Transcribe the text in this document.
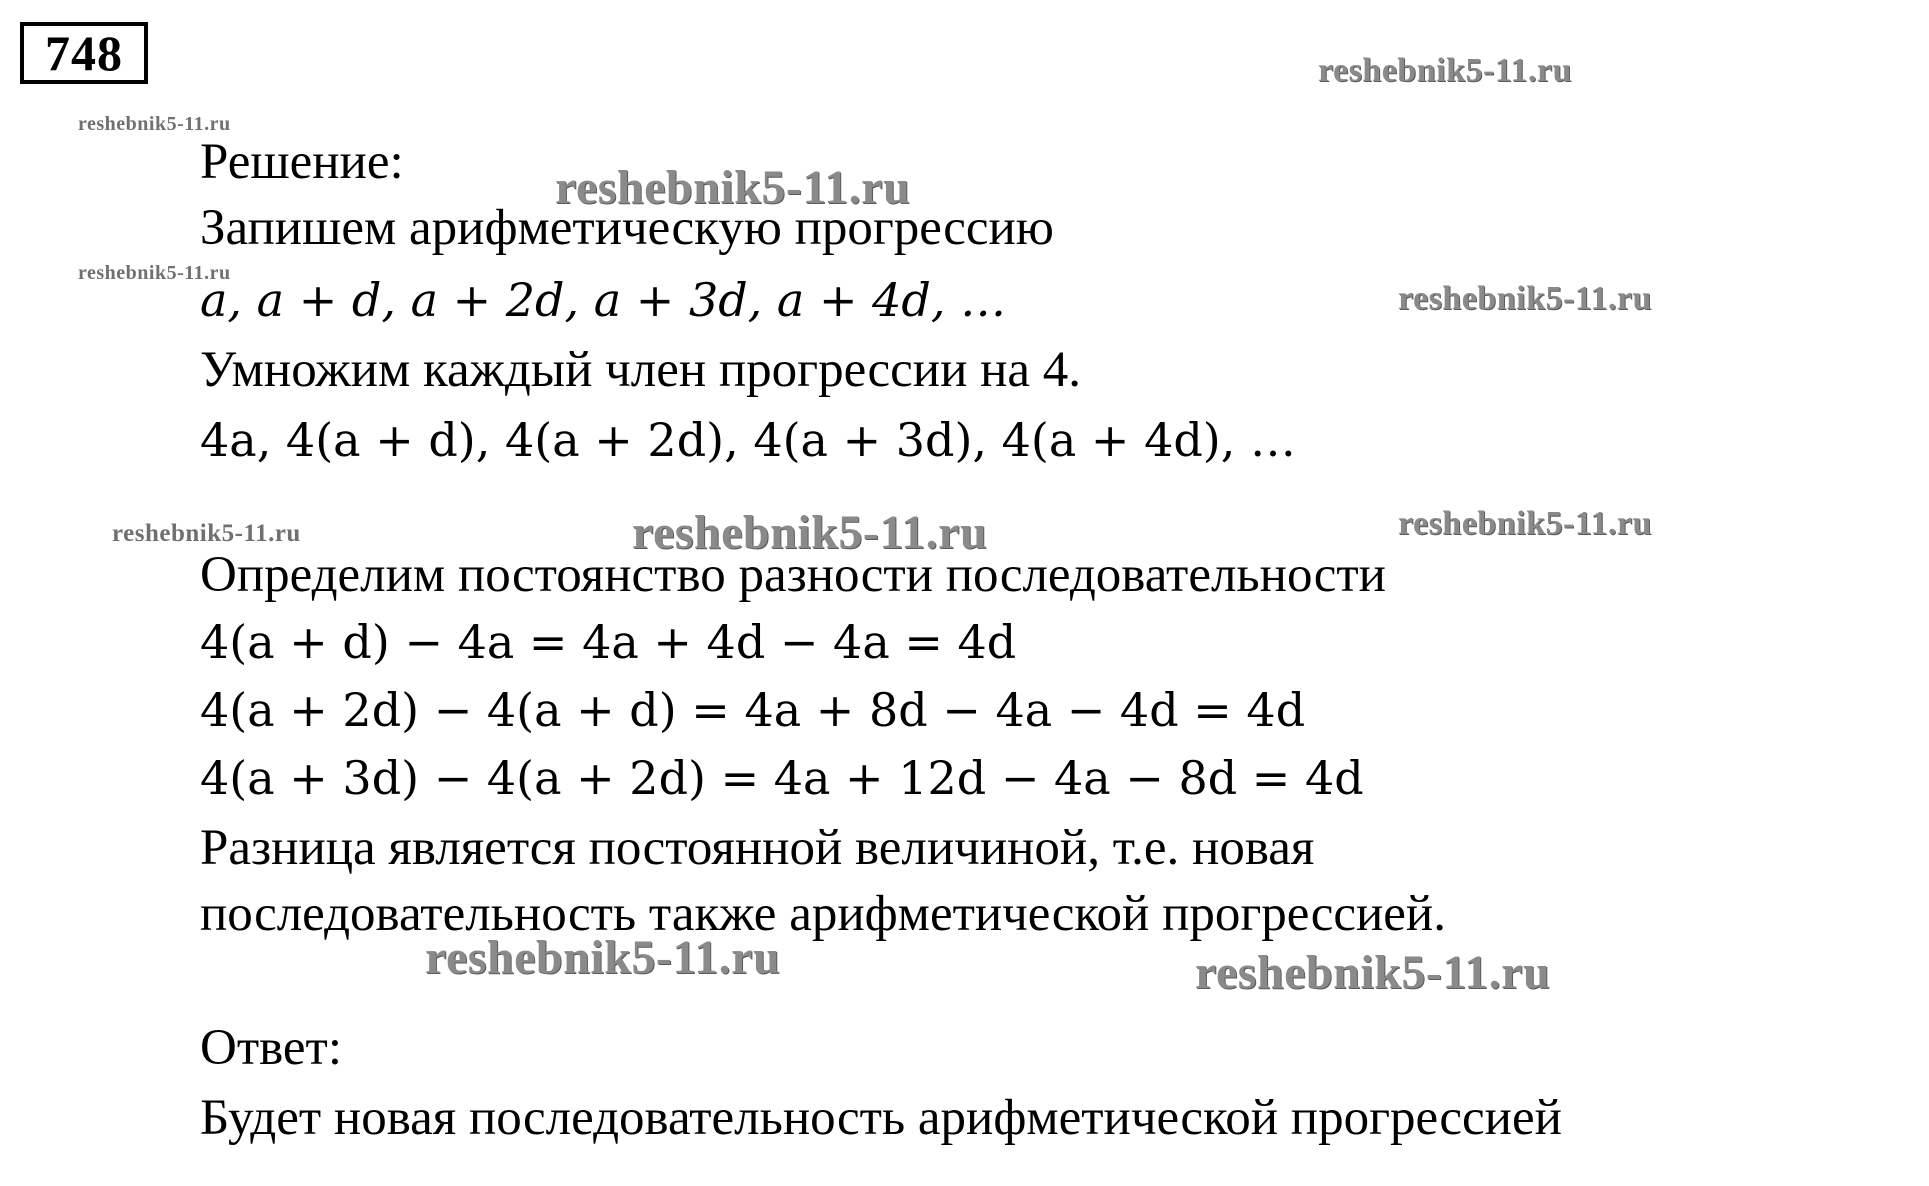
748	reshebnik5-11.ru
reshebnik5-11.ru
reshebnik5-11.ru
reshebnik5-11.ru
reshebnik5-11.ru
reshebnik5-11.ru	reshebnik5-11.ru	reshebnik5-11.ru
reshebnik5-11.ru	reshebnik5-11.ru
Решение:
Запишем арифметическую прогрессию
a, a + d, a + 2d, a + 3d, a + 4d, …
Умножим каждый член прогрессии на 4.
4a, 4(a + d), 4(a + 2d), 4(a + 3d), 4(a + 4d), …
Определим постоянство разности последовательности
4(a + d) − 4a = 4a + 4d − 4a = 4d
4(a + 2d) − 4(a + d) = 4a + 8d − 4a − 4d = 4d
4(a + 3d) − 4(a + 2d) = 4a + 12d − 4a − 8d = 4d
Разница является постоянной величиной, т.е. новая
последовательность также арифметической прогрессией.
Ответ:
Будет новая последовательность арифметической прогрессией
